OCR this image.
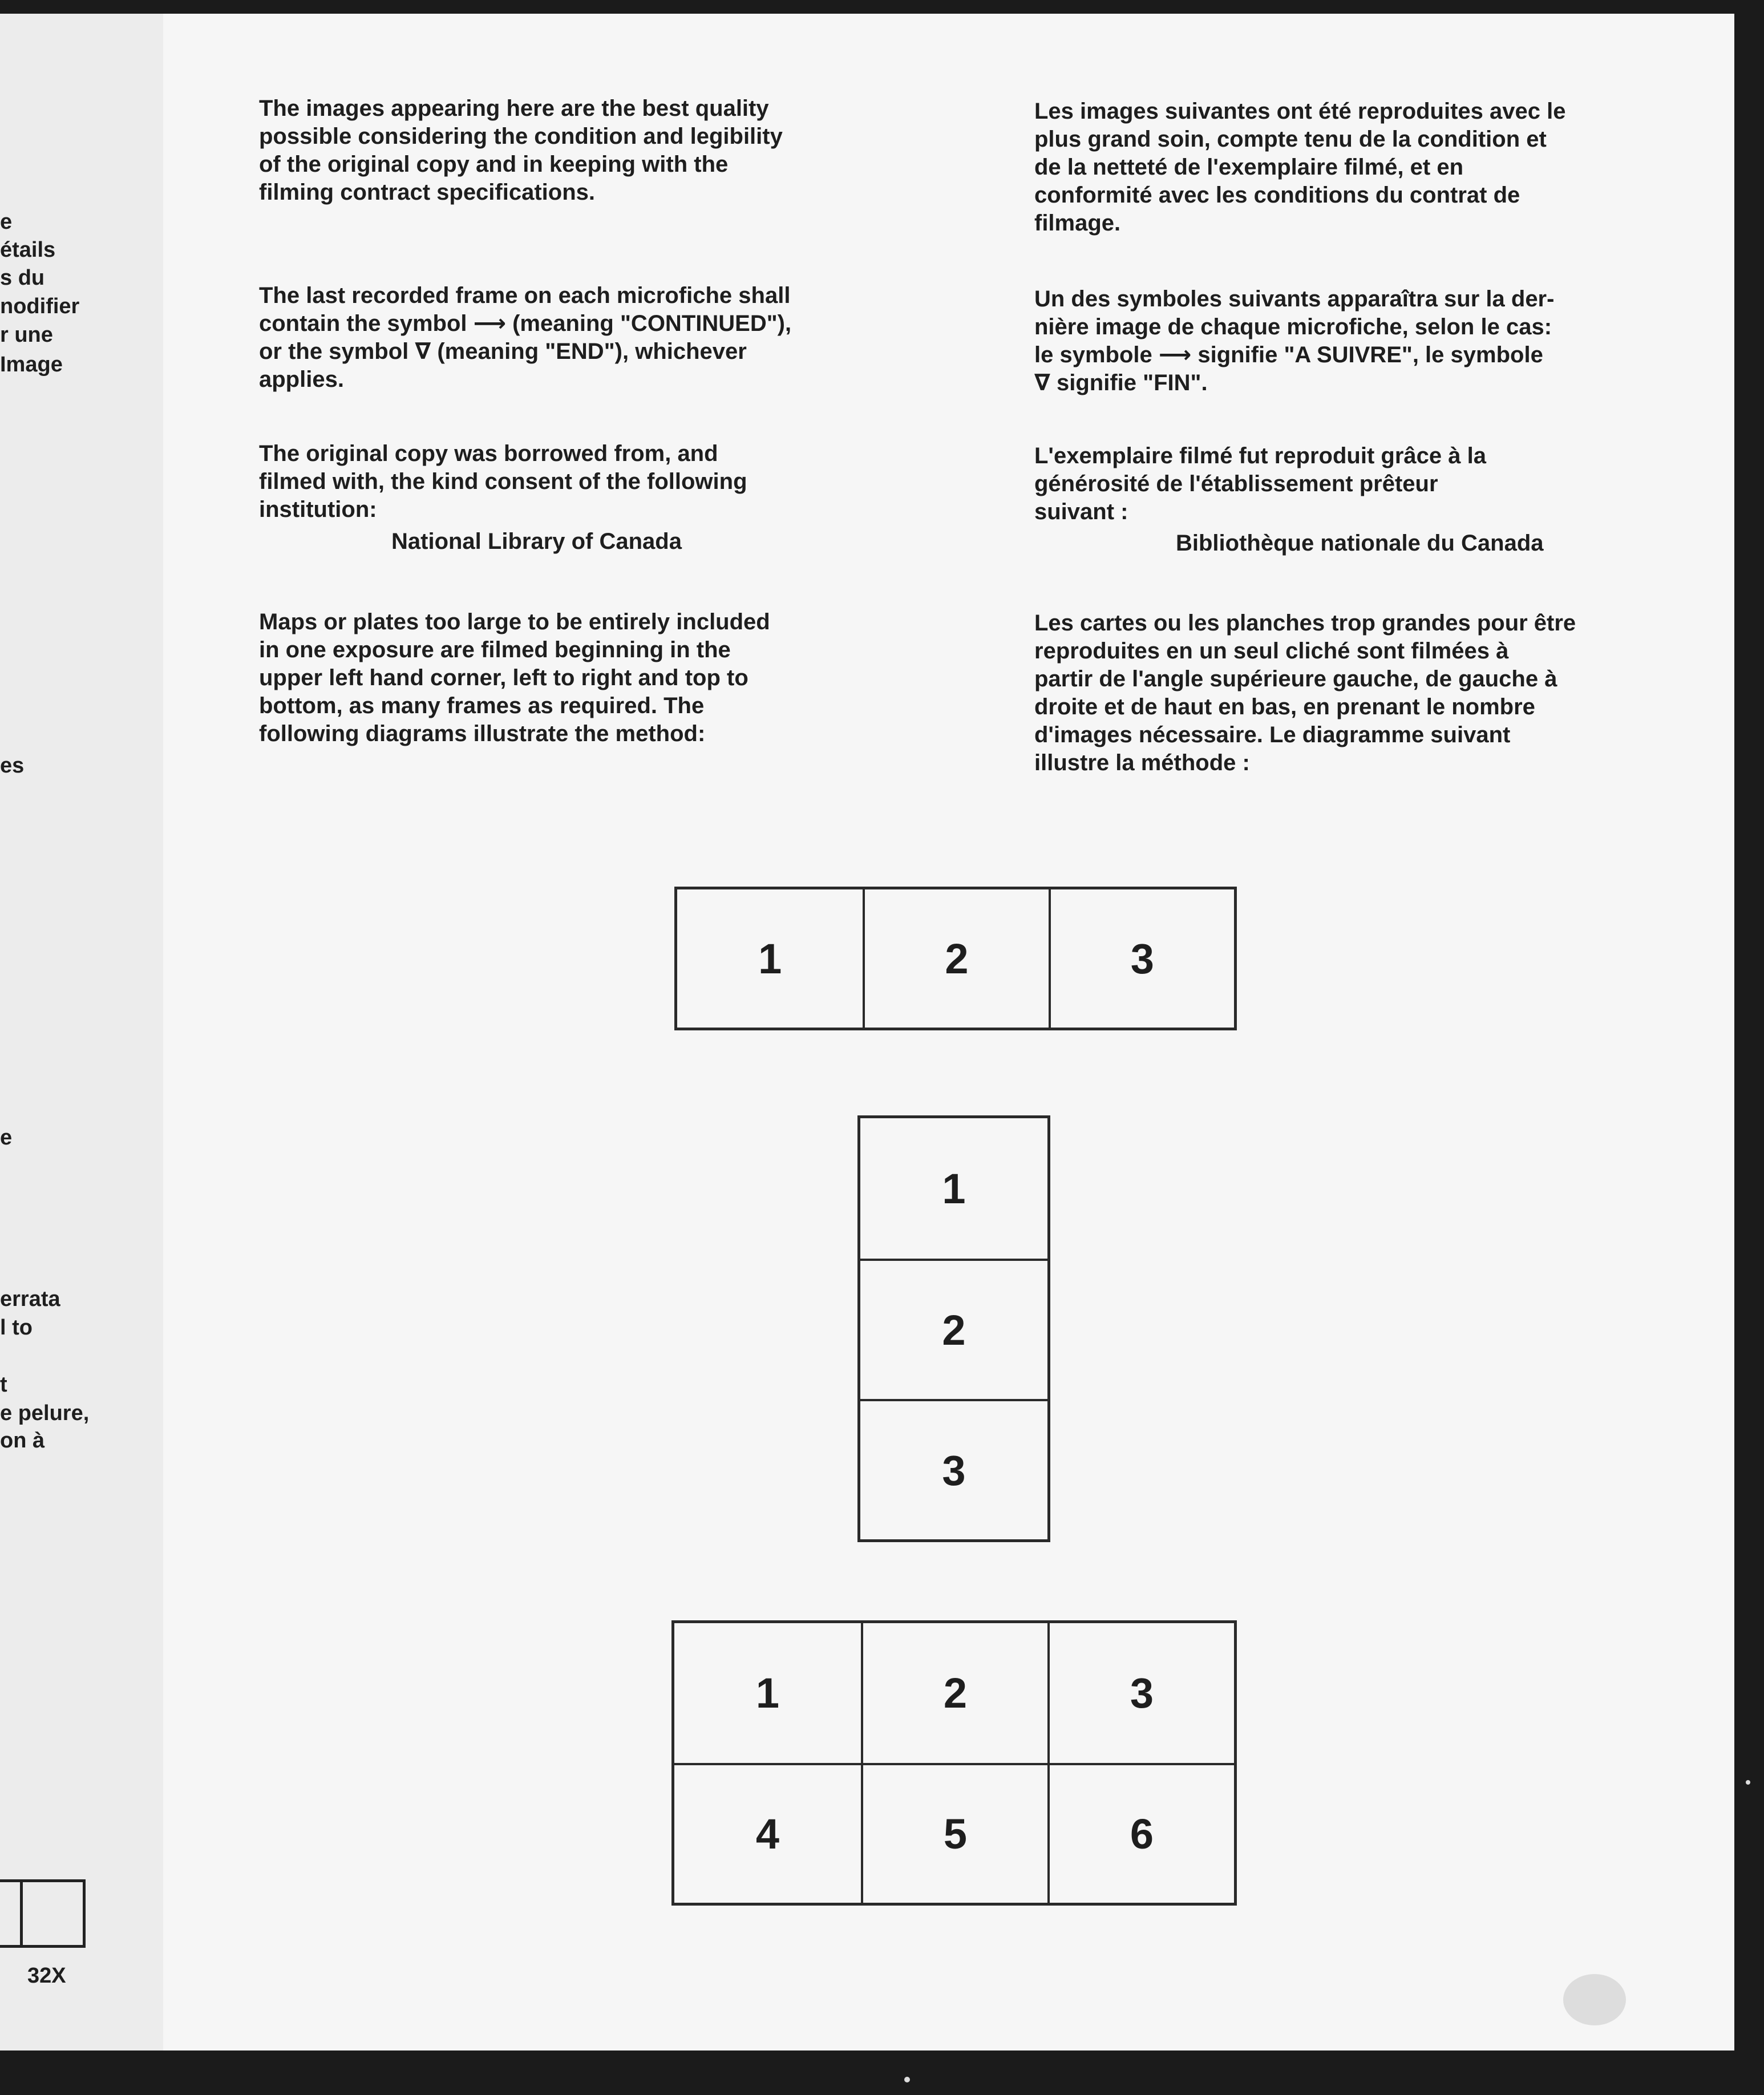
e
étails
s du
nodifier
r une
Image
es
e
errata
l to
t
e pelure,
on à
32X
The images appearing here are the best quality
possible considering the condition and legibility
of the original copy and in keeping with the
filming contract specifications.
The last recorded frame on each microfiche shall
contain the symbol ⟶ (meaning "CONTINUED"),
or the symbol ∇ (meaning "END"), whichever
applies.
The original copy was borrowed from, and
filmed with, the kind consent of the following
institution:
National Library of Canada
Maps or plates too large to be entirely included
in one exposure are filmed beginning in the
upper left hand corner, left to right and top to
bottom, as many frames as required. The
following diagrams illustrate the method:
Les images suivantes ont été reproduites avec le
plus grand soin, compte tenu de la condition et
de la netteté de l'exemplaire filmé, et en
conformité avec les conditions du contrat de
filmage.
Un des symboles suivants apparaîtra sur la der-
nière image de chaque microfiche, selon le cas:
le symbole ⟶ signifie "A SUIVRE", le symbole
∇ signifie "FIN".
L'exemplaire filmé fut reproduit grâce à la
générosité de l'établissement prêteur
suivant :
Bibliothèque nationale du Canada
Les cartes ou les planches trop grandes pour être
reproduites en un seul cliché sont filmées à
partir de l'angle supérieure gauche, de gauche à
droite et de haut en bas, en prenant le nombre
d'images nécessaire. Le diagramme suivant
illustre la méthode :
1	2	3
1
2
3
1	2	3
4	5	6
